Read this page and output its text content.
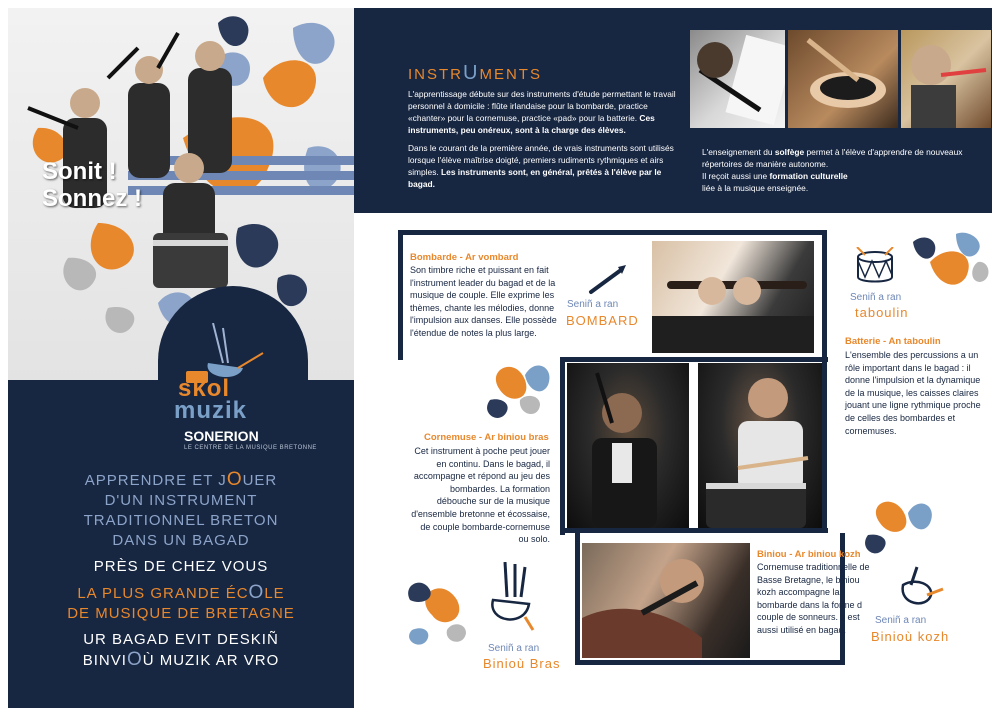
Sonit !
Sonnez !
skol
muzik
SONERION
LE CENTRE DE LA MUSIQUE BRETONNE
APPRENDRE ET JOUER
D'UN INSTRUMENT
TRADITIONNEL BRETON
DANS UN BAGAD
PRÈS DE CHEZ VOUS
LA PLUS GRANDE ÉCOLE
DE MUSIQUE DE BRETAGNE
UR BAGAD EVIT DESKIÑ
BINVIOÙ MUZIK AR VRO
INSTRUMENTS

L'apprentissage débute sur des instruments d'étude permettant le travail personnel à domicile : flûte irlandaise pour la bombarde, practice «chanter» pour la cornemuse, practice «pad» pour la batterie. Ces instruments, peu onéreux, sont à la charge des élèves.

Dans le courant de la première année, de vrais instruments sont utilisés lorsque l'élève maîtrise doigté, premiers rudiments rythmiques et airs simples. Les instruments sont, en général, prêtés à l'élève par le bagad.

L'enseignement du solfège permet à l'élève d'apprendre de nouveaux répertoires de manière autonome.
Il reçoit aussi une formation culturelle
liée à la musique enseignée.
Bombarde - Ar vombard
Son timbre riche et puissant en fait l'instrument leader du bagad et de la musique de couple. Elle exprime les thèmes, chante les mélodies, donne l'impulsion aux danses. Elle possède l'étendue de notes la plus large.
Seniñ a ran
BOMBARD
Seniñ a ran
taboulin
Batterie - An taboulin
L'ensemble des percussions a un rôle important dans le bagad : il donne l'impulsion et la dynamique de la musique, les caisses claires jouant une ligne rythmique proche de celles des bombardes et cornemuses.
Cornemuse - Ar biniou bras
Cet instrument à poche peut jouer en continu. Dans le bagad, il accompagne et répond au jeu des bombardes. La formation débouche sur de la musique d'ensemble bretonne et écossaise, de couple bombarde-cornemuse ou solo.
Biniou - Ar biniou kozh
Cornemuse traditionnelle de Basse Bretagne, le biniou kozh accompagne la bombarde dans la forme d couple de sonneurs. Il est aussi utilisé en bagad.
Seniñ a ran
Binioù kozh
Seniñ a ran
Binioù Bras
